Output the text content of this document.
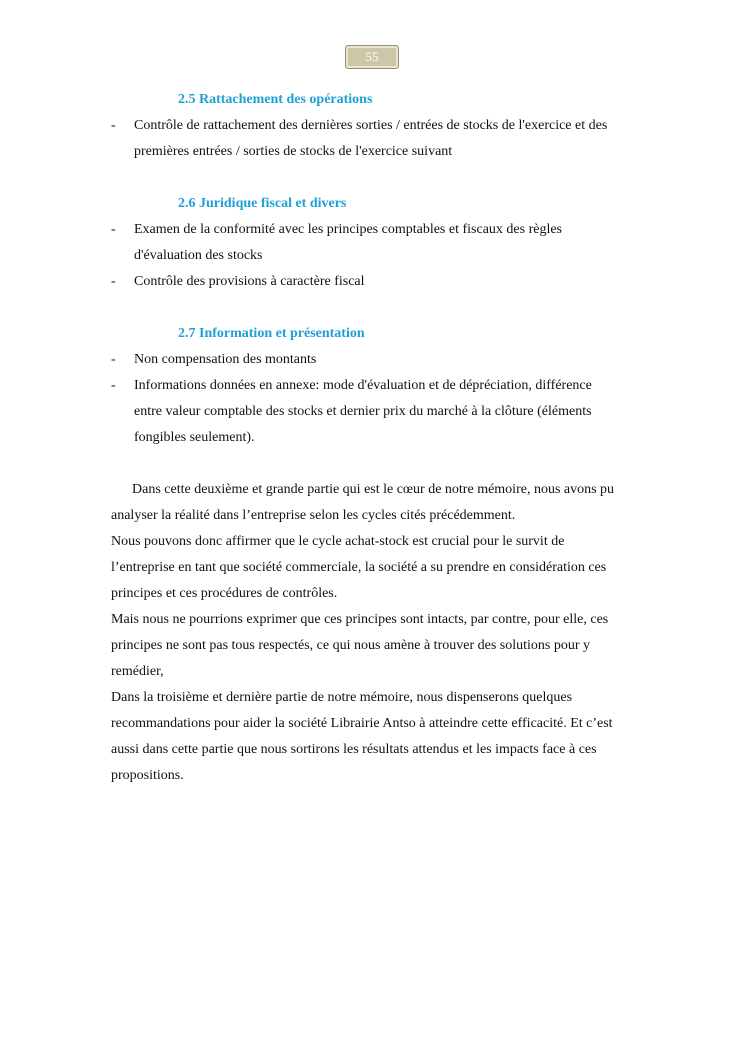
55

2.5 Rattachement des opérations

- Contrôle de rattachement des dernières sorties / entrées de stocks de l'exercice et des
premières entrées / sorties de stocks de l'exercice suivant

2.6 Juridique fiscal et divers

- Examen de la conformité avec les principes comptables et fiscaux des règles
d'évaluation des stocks
- Contrôle des provisions à caractère fiscal

2.7 Information et présentation

- Non compensation des montants
- Informations données en annexe: mode d'évaluation et de dépréciation, différence
entre valeur comptable des stocks et dernier prix du marché à la clôture (éléments
fongibles seulement).

Dans cette deuxième et grande partie qui est le cœur de notre mémoire, nous avons pu
analyser la réalité dans l’entreprise selon les cycles cités précédemment.

Nous pouvons donc affirmer que le cycle achat-stock est crucial pour le survit de
l’entreprise en tant que société commerciale, la société a su prendre en considération ces
principes et ces procédures de contrôles.

Mais nous ne pourrions exprimer que ces principes sont intacts, par contre, pour elle, ces
principes ne sont pas tous respectés, ce qui nous amène à trouver des solutions pour y
remédier,

Dans la troisième et dernière partie de notre mémoire, nous dispenserons quelques
recommandations pour aider la société Librairie Antso à atteindre cette efficacité. Et c’est
aussi dans cette partie que nous sortirons les résultats attendus et les impacts face à ces
propositions.
